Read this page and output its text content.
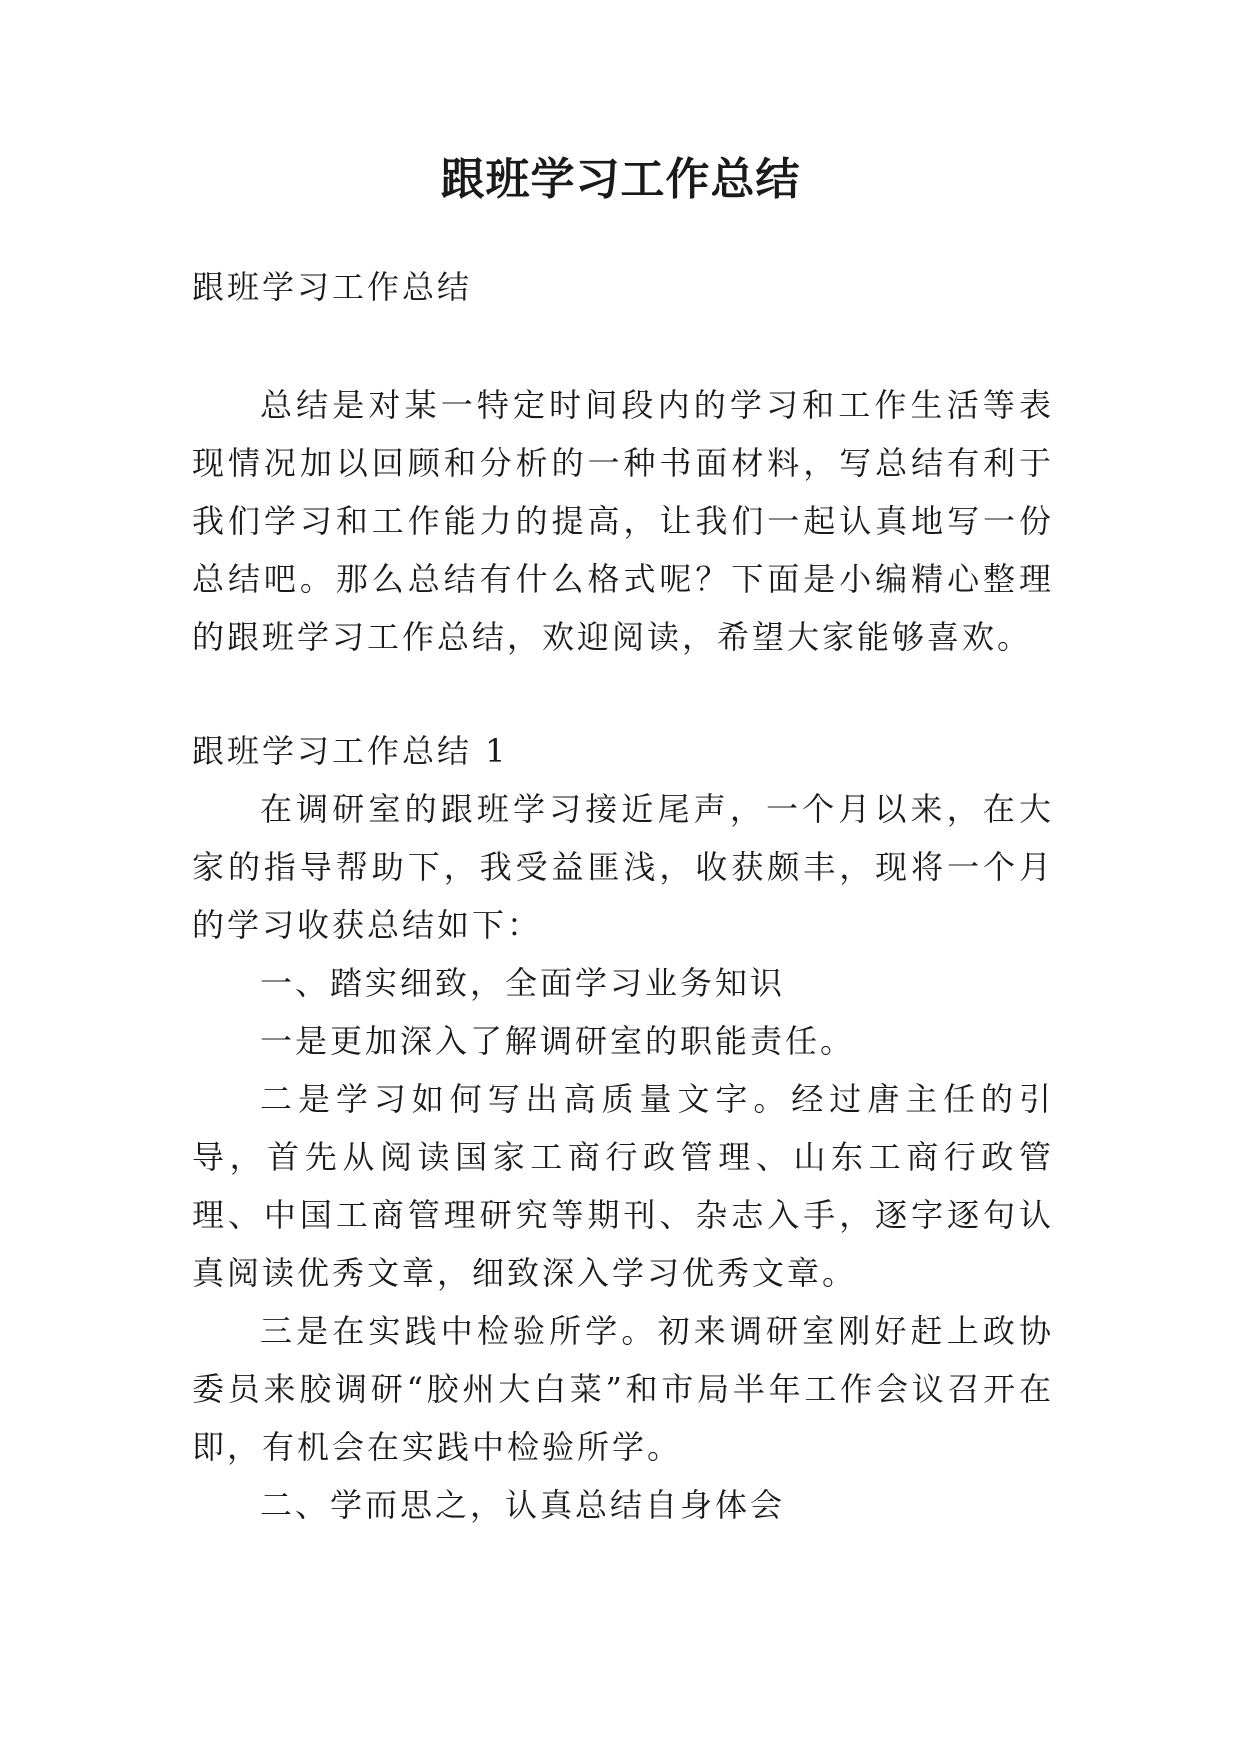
跟班学习工作总结

跟班学习工作总结

总结是对某一特定时间段内的学习和工作生活等表现情况加以回顾和分析的一种书面材料，写总结有利于我们学习和工作能力的提高，让我们一起认真地写一份总结吧。那么总结有什么格式呢？下面是小编精心整理的跟班学习工作总结，欢迎阅读，希望大家能够喜欢。

跟班学习工作总结 1

在调研室的跟班学习接近尾声，一个月以来，在大家的指导帮助下，我受益匪浅，收获颇丰，现将一个月的学习收获总结如下：

一、踏实细致，全面学习业务知识

一是更加深入了解调研室的职能责任。

二是学习如何写出高质量文字。经过唐主任的引导，首先从阅读国家工商行政管理、山东工商行政管理、中国工商管理研究等期刊、杂志入手，逐字逐句认真阅读优秀文章，细致深入学习优秀文章。

三是在实践中检验所学。初来调研室刚好赶上政协委员来胶调研“胶州大白菜”和市局半年工作会议召开在即，有机会在实践中检验所学。

二、学而思之，认真总结自身体会
